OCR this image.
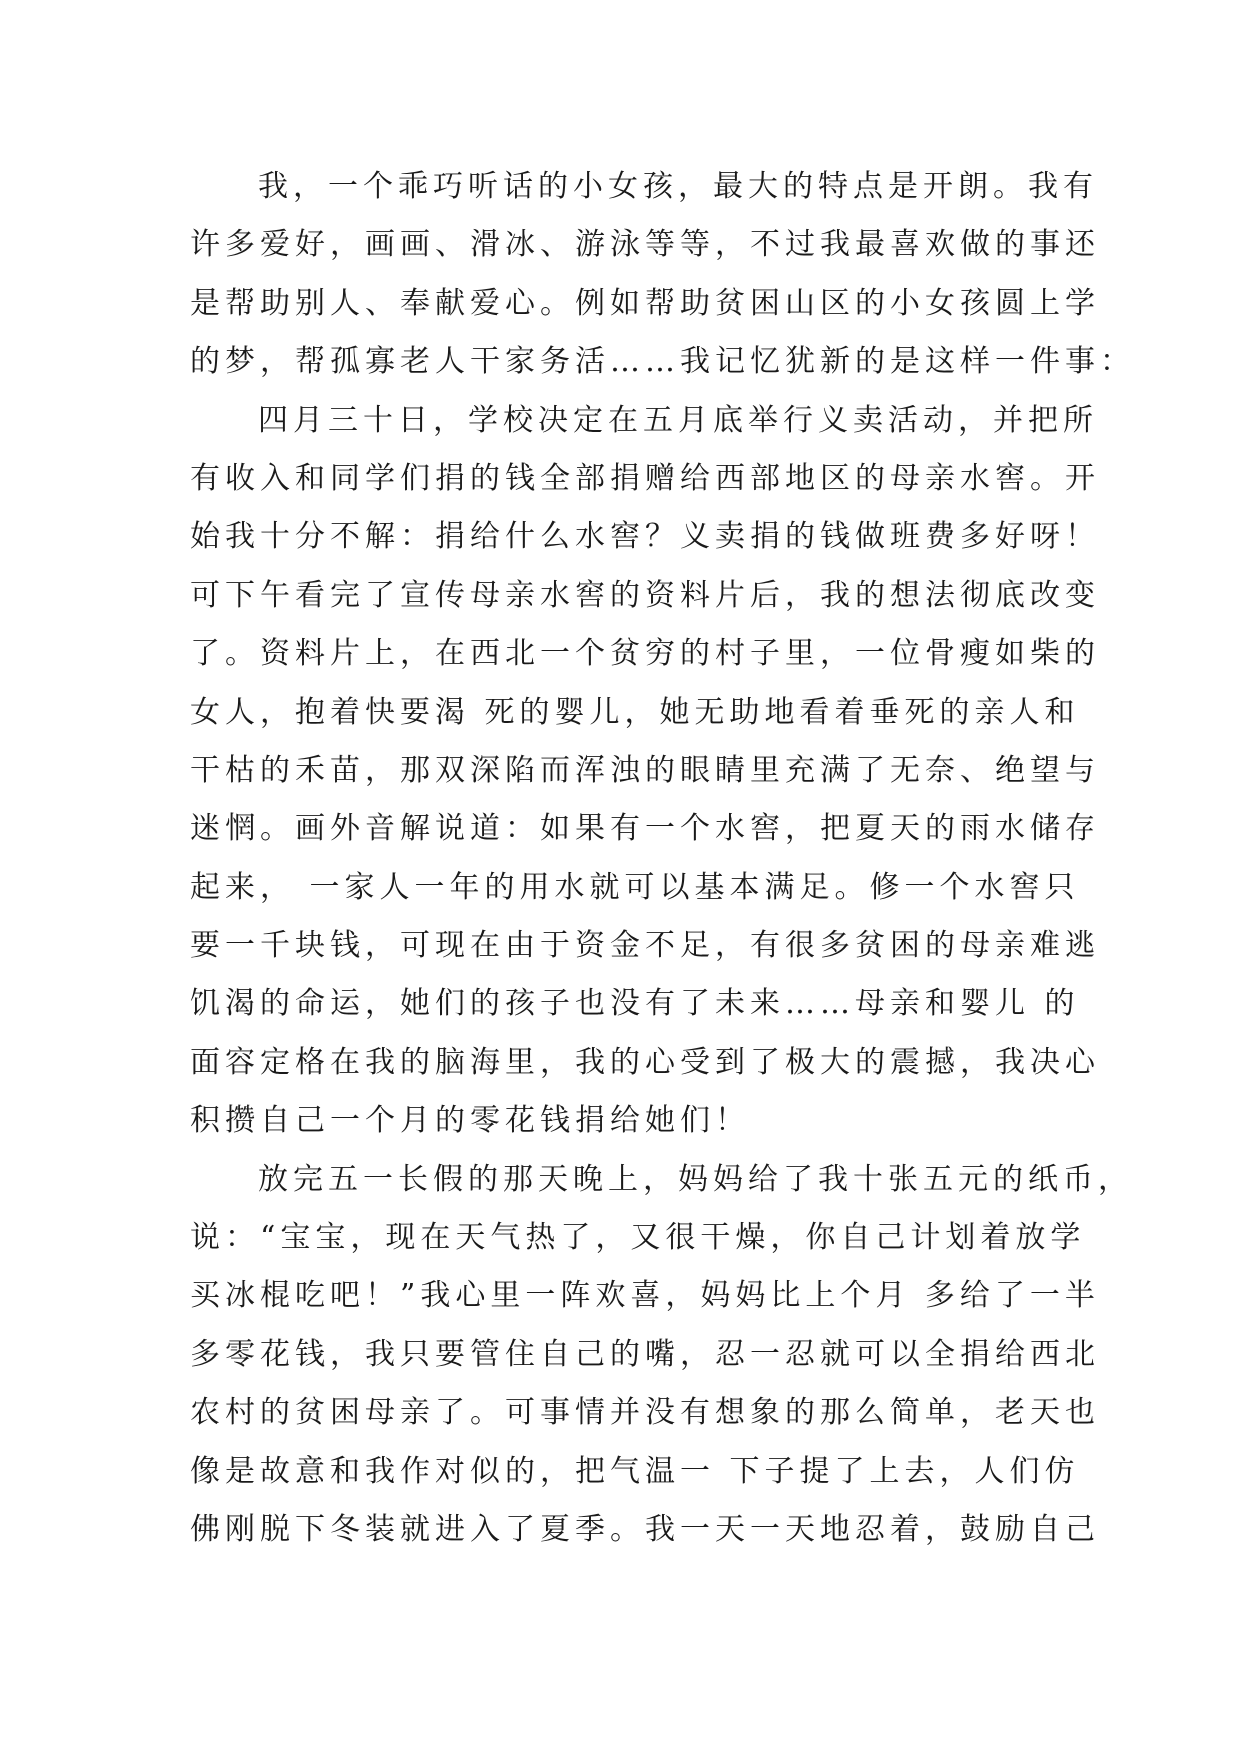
我，一个乖巧听话的小女孩，最大的特点是开朗。我有
许多爱好，画画、滑冰、游泳等等，不过我最喜欢做的事还
是帮助别人、奉献爱心。例如帮助贫困山区的小女孩圆上学
的梦，帮孤寡老人干家务活……我记忆犹新的是这样一件事：
四月三十日，学校决定在五月底举行义卖活动，并把所
有收入和同学们捐的钱全部捐赠给西部地区的母亲水窖。开
始我十分不解：捐给什么水窖？义卖捐的钱做班费多好呀！
可下午看完了宣传母亲水窖的资料片后，我的想法彻底改变
了。资料片上，在西北一个贫穷的村子里，一位骨瘦如柴的
女人，抱着快要渴 死的婴儿，她无助地看着垂死的亲人和
干枯的禾苗，那双深陷而浑浊的眼睛里充满了无奈、绝望与
迷惘。画外音解说道：如果有一个水窖，把夏天的雨水储存
起来， 一家人一年的用水就可以基本满足。修一个水窖只
要一千块钱，可现在由于资金不足，有很多贫困的母亲难逃
饥渴的命运，她们的孩子也没有了未来……母亲和婴儿 的
面容定格在我的脑海里，我的心受到了极大的震撼，我决心
积攒自己一个月的零花钱捐给她们！
放完五一长假的那天晚上，妈妈给了我十张五元的纸币，
说：“宝宝，现在天气热了，又很干燥，你自己计划着放学
买冰棍吃吧！”我心里一阵欢喜，妈妈比上个月 多给了一半
多零花钱，我只要管住自己的嘴，忍一忍就可以全捐给西北
农村的贫困母亲了。可事情并没有想象的那么简单，老天也
像是故意和我作对似的，把气温一 下子提了上去，人们仿
佛刚脱下冬装就进入了夏季。我一天一天地忍着，鼓励自己
